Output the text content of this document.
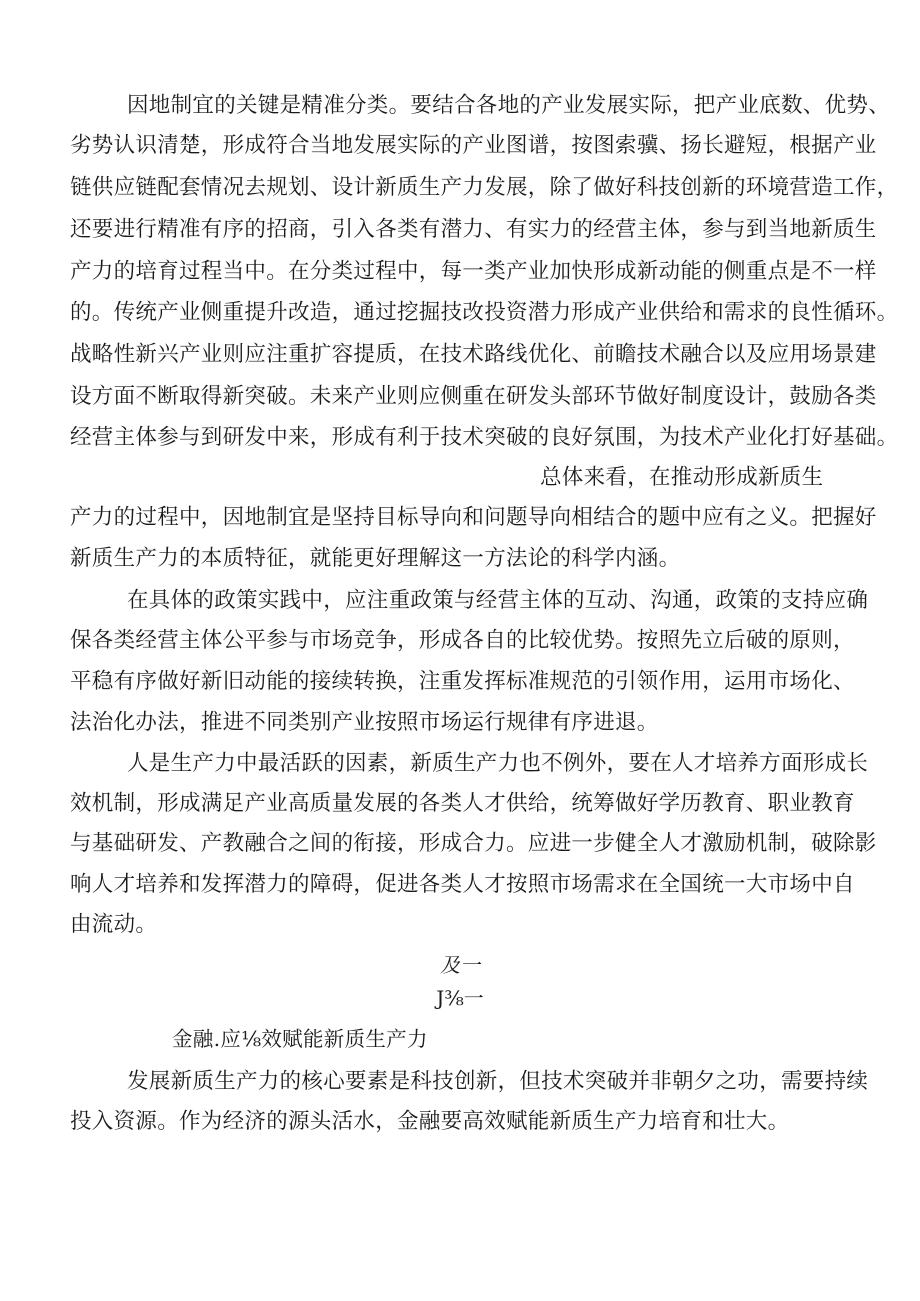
因地制宜的关键是精准分类。要结合各地的产业发展实际，把产业底数、优势、
劣势认识清楚，形成符合当地发展实际的产业图谱，按图索骥、扬长避短，根据产业
链供应链配套情况去规划、设计新质生产力发展，除了做好科技创新的环境营造工作，
还要进行精准有序的招商，引入各类有潜力、有实力的经营主体，参与到当地新质生
产力的培育过程当中。在分类过程中，每一类产业加快形成新动能的侧重点是不一样
的。传统产业侧重提升改造，通过挖掘技改投资潜力形成产业供给和需求的良性循环。
战略性新兴产业则应注重扩容提质，在技术路线优化、前瞻技术融合以及应用场景建
设方面不断取得新突破。未来产业则应侧重在研发头部环节做好制度设计，鼓励各类
经营主体参与到研发中来，形成有利于技术突破的良好氛围，为技术产业化打好基础。
总体来看，在推动形成新质生
产力的过程中，因地制宜是坚持目标导向和问题导向相结合的题中应有之义。把握好
新质生产力的本质特征，就能更好理解这一方法论的科学内涵。
在具体的政策实践中，应注重政策与经营主体的互动、沟通，政策的支持应确
保各类经营主体公平参与市场竞争，形成各自的比较优势。按照先立后破的原则，
平稳有序做好新旧动能的接续转换，注重发挥标准规范的引领作用，运用市场化、
法治化办法，推进不同类别产业按照市场运行规律有序进退。
人是生产力中最活跃的因素，新质生产力也不例外，要在人才培养方面形成长
效机制，形成满足产业高质量发展的各类人才供给，统筹做好学历教育、职业教育
与基础研发、产教融合之间的衔接，形成合力。应进一步健全人才激励机制，破除影
响人才培养和发挥潜力的障碍，促进各类人才按照市场需求在全国统一大市场中自
由流动。
及一
J⅜一
金融.应⅛效赋能新质生产力
发展新质生产力的核心要素是科技创新，但技术突破并非朝夕之功，需要持续
投入资源。作为经济的源头活水，金融要高效赋能新质生产力培育和壮大。
